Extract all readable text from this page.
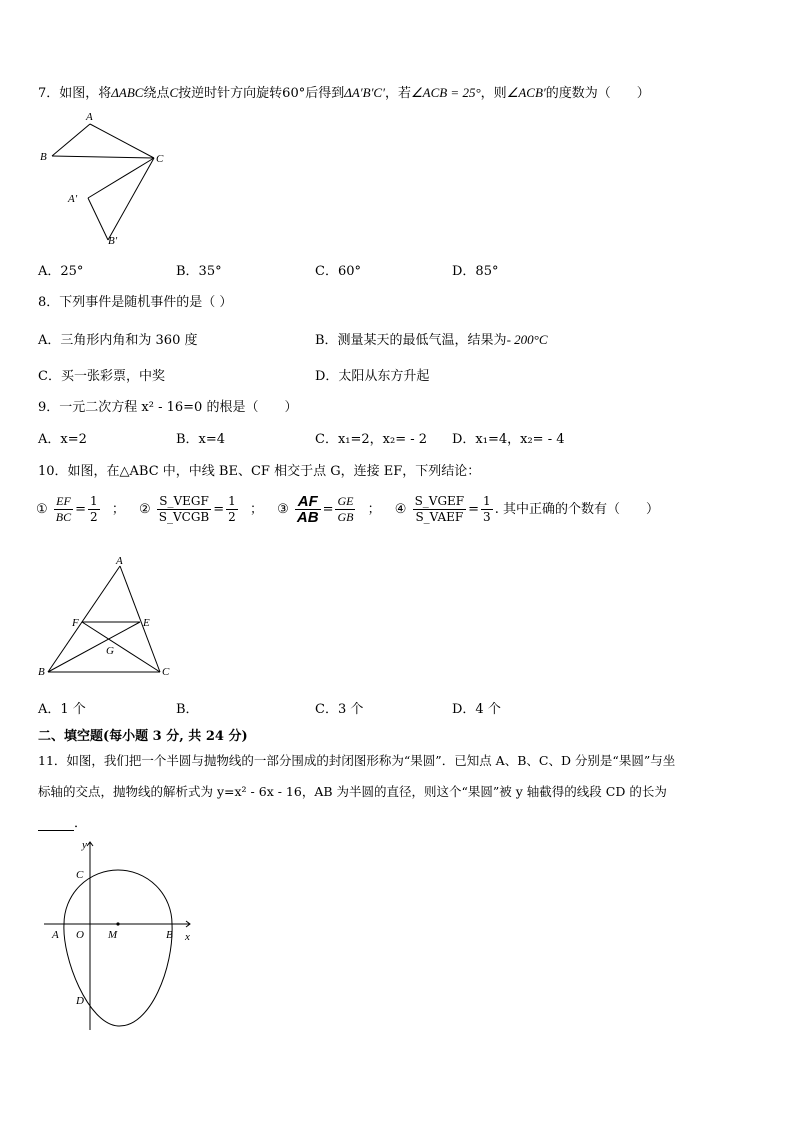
7．如图，将ΔABC绕点C按逆时针方向旋转60°后得到ΔA′B′C′，若∠ACB = 25°，则∠ACB′的度数为（　　）
A
B	C
A′
B′
A．25°	B．35°	C．60°	D．85°
8．下列事件是随机事件的是（ ）
A．三角形内角和为 360 度	B．测量某天的最低气温，结果为- 200°C
C．买一张彩票，中奖	D．太阳从东方升起
9．一元二次方程 x² - 16=0 的根是（　　）
A．x=2	B．x=4	C．x₁=2，x₂= - 2 D．x₁=4，x₂= - 4
10．如图，在△ABC 中，中线 BE、CF 相交于点 G，连接 EF，下列结论：
① $\frac{EF}{BC} = \frac{1}{2}$ ； ② $\frac{\text{S\_VEGF}}{\text{S\_VCGB}} = \frac{1}{2}$ ； ③ $\frac{AF}{AB} = \frac{GE}{GB}$ ； ④ $\frac{\text{S\_VGEF}}{\text{S\_VAEF}} = \frac{1}{3}$ . 其中正确的个数有（　　）
A
B	C
E
F
G
A．1 个	B．	C．3 个	D．4 个
二、填空题(每小题 3 分, 共 24 分)
11．如图，我们把一个半圆与抛物线的一部分围成的封闭图形称为“果圆”．已知点 A、B、C、D 分别是“果圆”与坐
标轴的交点，抛物线的解析式为 y=x² - 6x - 16，AB 为半圆的直径，则这个“果圆”被 y 轴截得的线段 CD 的长为
．
y
x
C
A O M	B
D
